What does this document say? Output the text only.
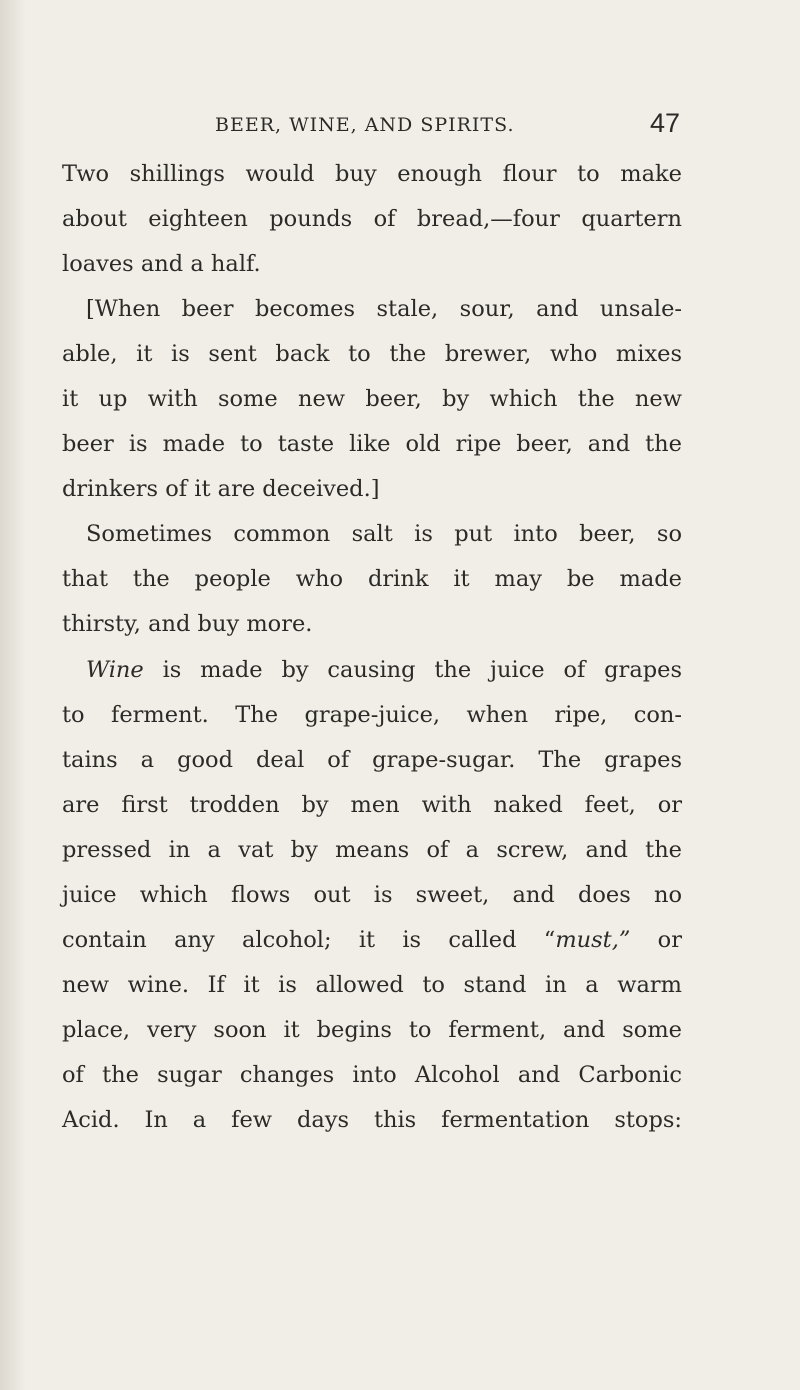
BEER, WINE, AND SPIRITS.	47
Two shillings would buy enough flour to make
about eighteen pounds of bread,—four quartern
loaves and a half.
[When beer becomes stale, sour, and unsale-
able, it is sent back to the brewer, who mixes
it up with some new beer, by which the new
beer is made to taste like old ripe beer, and the
drinkers of it are deceived.]
Sometimes common salt is put into beer, so
that the people who drink it may be made
thirsty, and buy more.
Wine is made by causing the juice of grapes
to ferment. The grape-juice, when ripe, con-
tains a good deal of grape-sugar. The grapes
are first trodden by men with naked feet, or
pressed in a vat by means of a screw, and the
juice which flows out is sweet, and does no
contain any alcohol; it is called “must,” or
new wine. If it is allowed to stand in a warm
place, very soon it begins to ferment, and some
of the sugar changes into Alcohol and Carbonic
Acid. In a few days this fermentation stops:
